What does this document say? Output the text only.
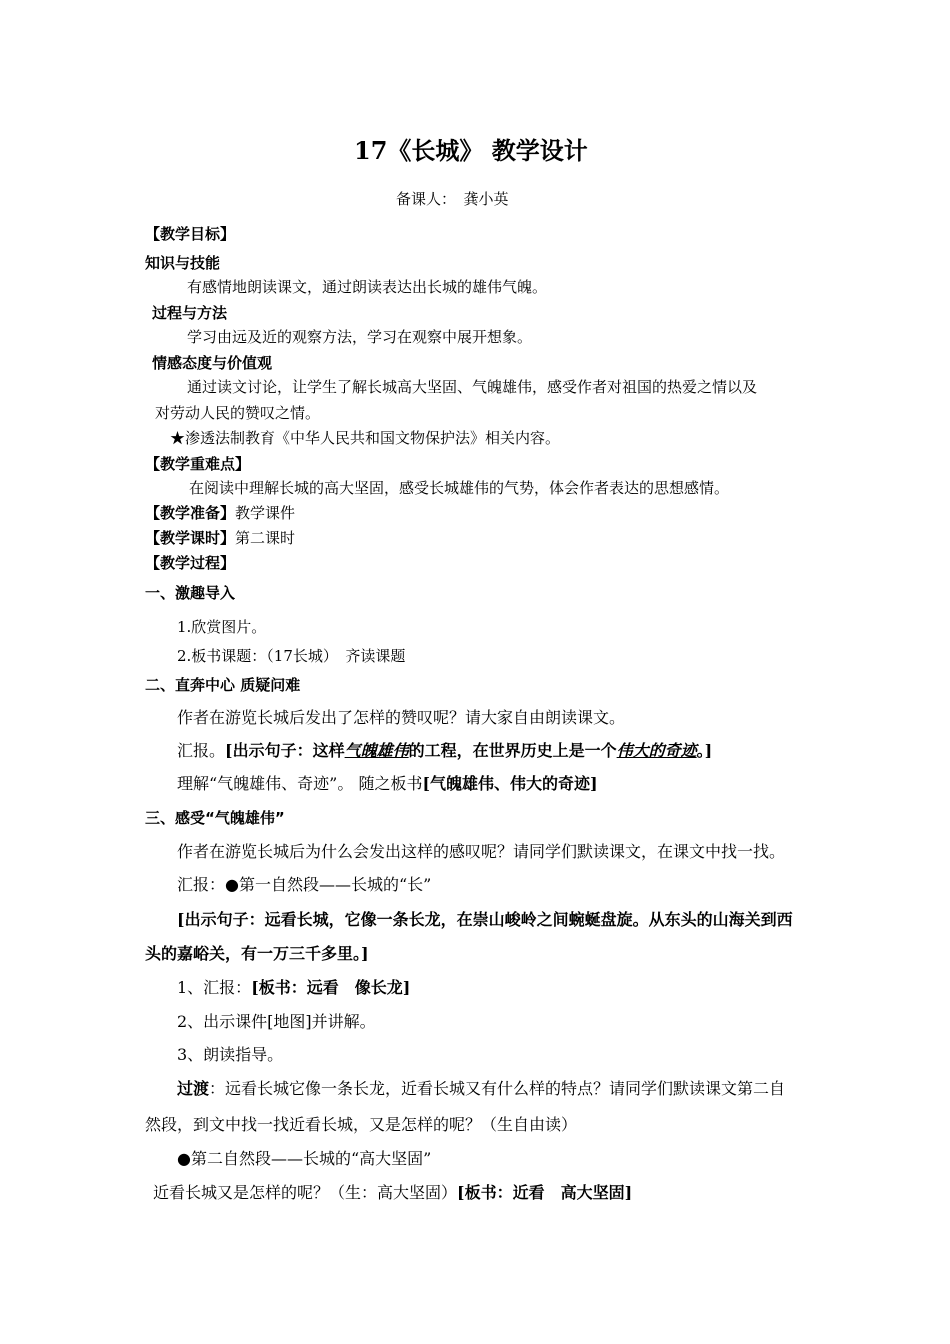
17《长城》 教学设计
备课人：　龚小英
【教学目标】
知识与技能
有感情地朗读课文，通过朗读表达出长城的雄伟气魄。
过程与方法
学习由远及近的观察方法，学习在观察中展开想象。
情感态度与价值观
通过读文讨论，让学生了解长城高大坚固、气魄雄伟，感受作者对祖国的热爱之情以及
对劳动人民的赞叹之情。
★渗透法制教育《中华人民共和国文物保护法》相关内容。
【教学重难点】
在阅读中理解长城的高大坚固，感受长城雄伟的气势，体会作者表达的思想感情。
【教学准备】教学课件
【教学课时】第二课时
【教学过程】
一、激趣导入
1.欣赏图片。
2.板书课题：（17长城）　齐读课题
二、直奔中心 质疑问难
作者在游览长城后发出了怎样的赞叹呢？请大家自由朗读课文。
汇报。[出示句子：这样气魄雄伟的工程，在世界历史上是一个伟大的奇迹。]
理解“气魄雄伟、奇迹”。 随之板书[气魄雄伟、伟大的奇迹]
三、感受“气魄雄伟”
作者在游览长城后为什么会发出这样的感叹呢？请同学们默读课文，在课文中找一找。
汇报：●第一自然段——长城的“长”
[出示句子：远看长城，它像一条长龙，在崇山峻岭之间蜿蜒盘旋。从东头的山海关到西
头的嘉峪关，有一万三千多里。]
1、汇报：[板书：远看　像长龙]
2、出示课件[地图]并讲解。
3、朗读指导。
过渡：远看长城它像一条长龙，近看长城又有什么样的特点？请同学们默读课文第二自
然段，到文中找一找近看长城，又是怎样的呢？（生自由读）
●第二自然段——长城的“高大坚固”
近看长城又是怎样的呢？（生：高大坚固）[板书：近看　高大坚固]
